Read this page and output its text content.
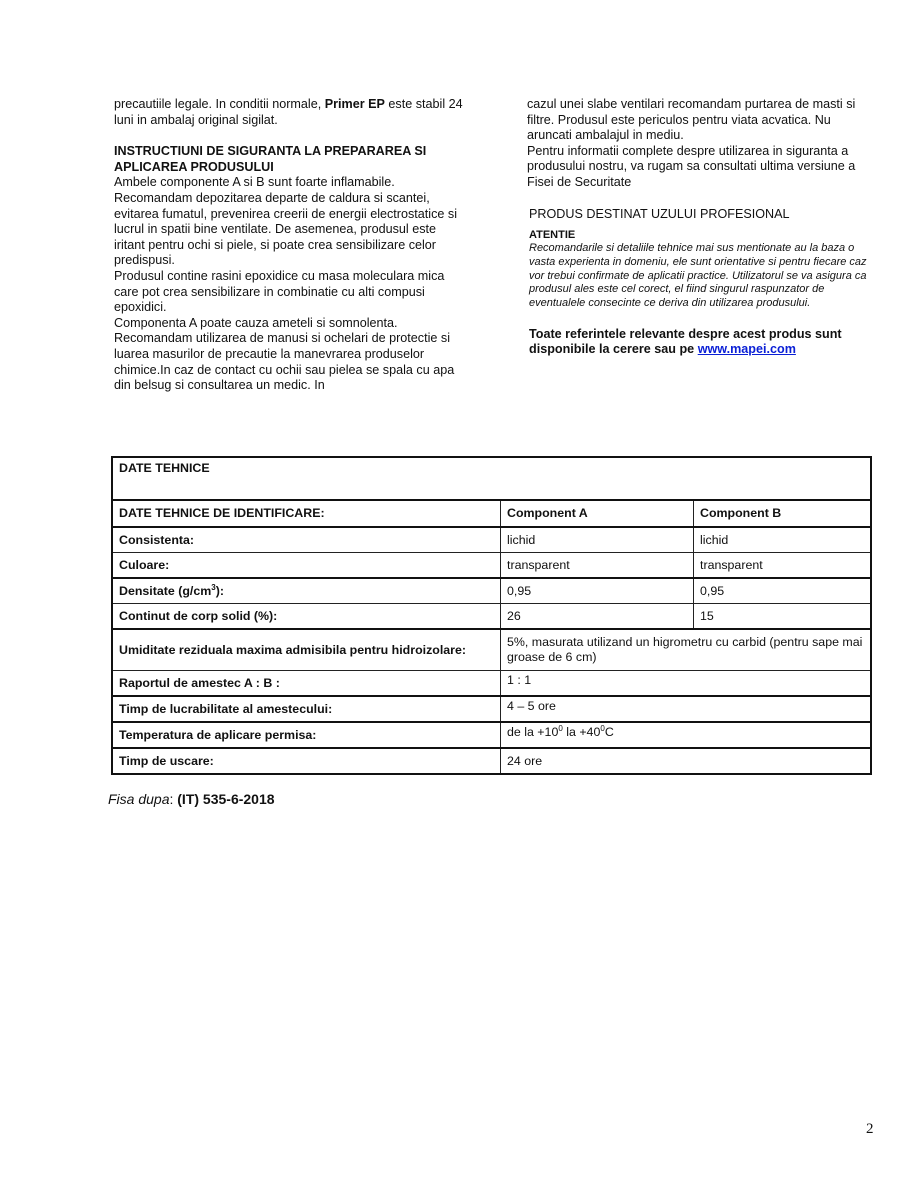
precautiile legale. In conditii normale, Primer EP este stabil 24 luni in ambalaj original sigilat.

INSTRUCTIUNI DE SIGURANTA LA PREPARAREA SI APLICAREA PRODUSULUI

Ambele componente A si B sunt foarte inflamabile. Recomandam depozitarea departe de caldura si scantei, evitarea fumatul, prevenirea creerii de energii electrostatice si lucrul in spatii bine ventilate. De asemenea, produsul este iritant pentru ochi si piele, si poate crea sensibilizare celor predispusi.

Produsul contine rasini epoxidice cu masa moleculara mica care pot crea sensibilizare in combinatie cu alti compusi epoxidici.

Componenta A poate cauza ameteli si somnolenta. Recomandam utilizarea de manusi si ochelari de protectie si luarea masurilor de precautie la manevrarea produselor chimice.In caz de contact cu ochii sau pielea se spala cu apa din belsug si consultarea un medic. In

cazul unei slabe ventilari recomandam purtarea de masti si filtre. Produsul este periculos pentru viata acvatica. Nu aruncati ambalajul in mediu.

Pentru informatii complete despre utilizarea in siguranta a produsului nostru, va rugam sa consultati ultima versiune a Fisei de Securitate

PRODUS DESTINAT UZULUI PROFESIONAL

ATENTIE

Recomandarile si detaliile tehnice mai sus mentionate au la baza o vasta experienta in domeniu, ele sunt orientative si pentru fiecare caz vor trebui confirmate de aplicatii practice. Utilizatorul se va asigura ca produsul ales este cel corect, el fiind singurul raspunzator de eventualele consecinte ce deriva din utilizarea produsului.

Toate referintele relevante despre acest produs sunt disponibile la cerere sau pe www.mapei.com

DATE TEHNICE		
DATE TEHNICE DE IDENTIFICARE:	Component A	Component B
Consistenta:	lichid	lichid
Culoare:	transparent	transparent
Densitate $(g/cm^3)$:	0,95	0,95
Continut de corp solid (%):	26	15
Umiditate reziduala maxima admisibila pentru hidroizolare:	5%, masurata utilizand un higrometru cu carbid (pentru sape mai groase de 6 cm)	
Raportul de amestec A : B :	1 : 1	
Timp de lucrabilitate al amestecului:	4 – 5 ore	
Temperatura de aplicare permisa:	de la $+10^0$ la $+40^0C$	
Timp de uscare:	24 ore	
Fisa dupa: (IT) 535-6-2018
2
